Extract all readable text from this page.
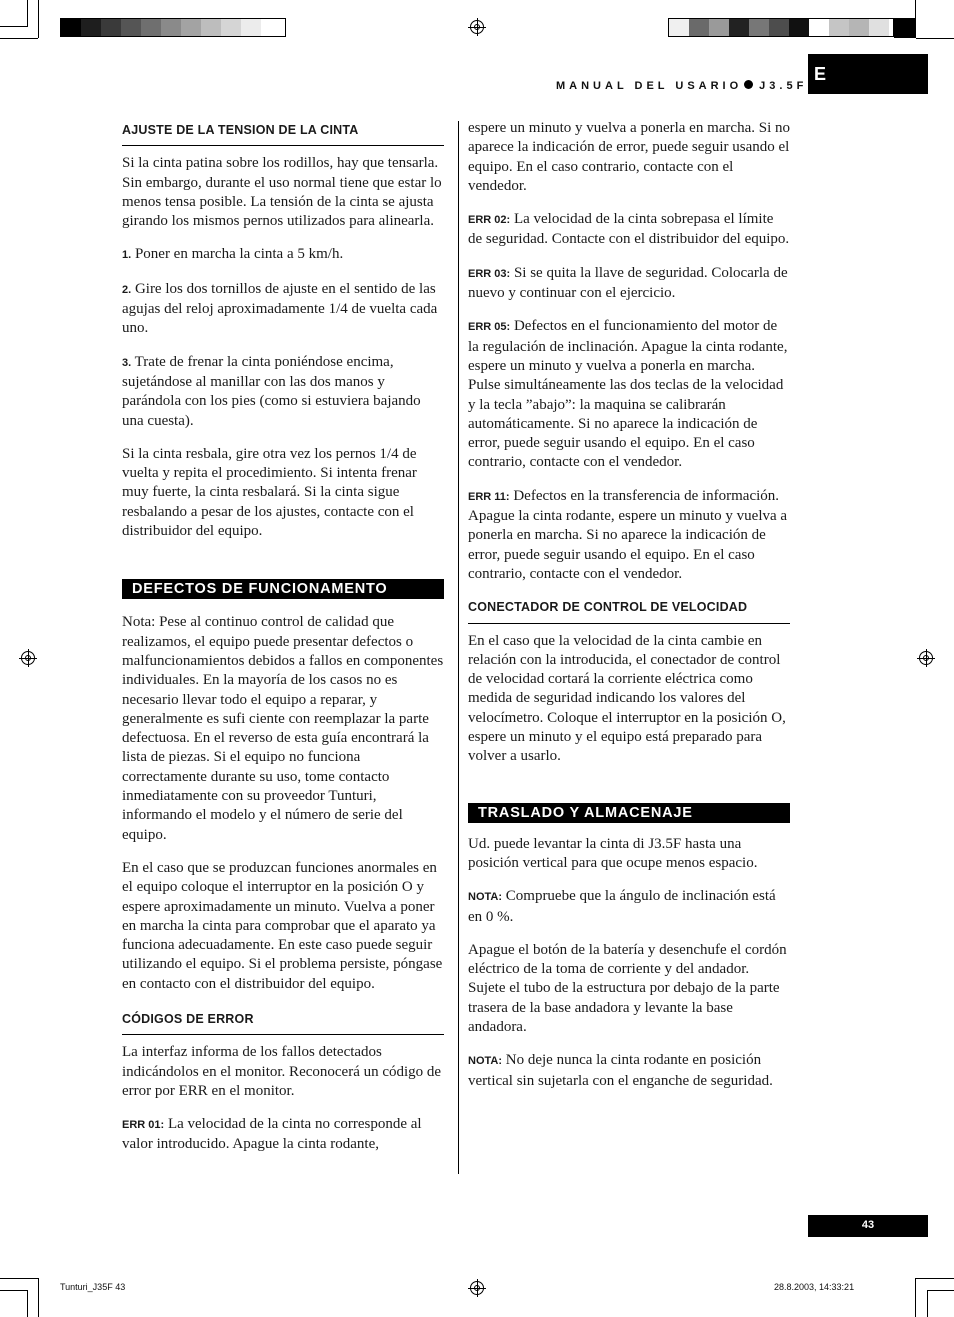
MANUAL DEL USARIO J3.5F
E
AJUSTE DE LA TENSION DE LA CINTA

Si la cinta patina sobre los rodillos, hay que tensarla. Sin embargo, durante el uso normal tiene que estar lo menos tensa posible. La tensión de la cinta se ajusta girando los mismos pernos utilizados para alinearla.

1. Poner en marcha la cinta a 5 km/h.

2. Gire los dos tornillos de ajuste en el sentido de las agujas del reloj aproximadamente 1/4 de vuelta cada uno.

3. Trate de frenar la cinta poniéndose encima, sujetándose al manillar con las dos manos y parándola con los pies (como si estuviera bajando una cuesta).

Si la cinta resbala, gire otra vez los pernos 1/4 de vuelta y repita el procedimiento. Si intenta frenar muy fuerte, la cinta resbalará. Si la cinta sigue resbalando a pesar de los ajustes, contacte con el distribuidor del equipo.

DEFECTOS DE FUNCIONAMENTO

Nota: Pese al continuo control de calidad que realizamos, el equipo puede presentar defectos o malfuncionamientos debidos a fallos en componentes individuales. En la mayoría de los casos no es necesario llevar todo el equipo a reparar, y generalmente es sufi ciente con reemplazar la parte defectuosa. En el reverso de esta guía encontrará la lista de piezas. Si el equipo no funciona correctamente durante su uso, tome contacto inmediatamente con su proveedor Tunturi, informando el modelo y el número de serie del equipo.

En el caso que se produzcan funciones anormales en el equipo coloque el interruptor en la posición O y espere aproximadamente un minuto. Vuelva a poner en marcha la cinta para comprobar que el aparato ya funciona adecuadamente. En este caso puede seguir utilizando el equipo. Si el problema persiste, póngase en contacto con el distribuidor del equipo.

CÓDIGOS DE ERROR

La interfaz informa de los fallos detectados indicándolos en el monitor. Reconocerá un código de error por ERR en el monitor.

ERR 01: La velocidad de la cinta no corresponde al valor introducido. Apague la cinta rodante,

espere un minuto y vuelva a ponerla en marcha. Si no aparece la indicación de error, puede seguir usando el equipo. En el caso contrario, contacte con el vendedor.

ERR 02: La velocidad de la cinta sobrepasa el límite de seguridad. Contacte con el distribuidor del equipo.

ERR 03: Si se quita la llave de seguridad. Colocarla de nuevo y continuar con el ejercicio.

ERR 05: Defectos en el funcionamiento del motor de la regulación de inclinación. Apague la cinta rodante, espere un minuto y vuelva a ponerla en marcha. Pulse simultáneamente las dos teclas de la velocidad y la tecla ”abajo”: la maquina se calibrarán automáticamente. Si no aparece la indicación de error, puede seguir usando el equipo. En el caso contrario, contacte con el vendedor.

ERR 11: Defectos en la transferencia de información. Apague la cinta rodante, espere un minuto y vuelva a ponerla en marcha. Si no aparece la indicación de error, puede seguir usando el equipo. En el caso contrario, contacte con el vendedor.

CONECTADOR DE CONTROL DE VELOCIDAD

En el caso que la velocidad de la cinta cambie en relación con la introducida, el conectador de control de velocidad cortará la corriente eléctrica como medida de seguridad indicando los valores del velocímetro. Coloque el interruptor en la posición O, espere un minuto y el equipo está preparado para volver a usarlo.

TRASLADO Y ALMACENAJE

Ud. puede levantar la cinta di J3.5F hasta una posición vertical para que ocupe menos espacio.

NOTA: Compruebe que la ángulo de inclinación está en 0 %.

Apague el botón de la batería y desenchufe el cordón eléctrico de la toma de corriente y del andador. Sujete el tubo de la estructura por debajo de la parte trasera de la base andadora y levante la base andadora.

NOTA: No deje nunca la cinta rodante en posición vertical sin sujetarla con el enganche de seguridad.

43
Tunturi_J35F 43	28.8.2003, 14:33:21
